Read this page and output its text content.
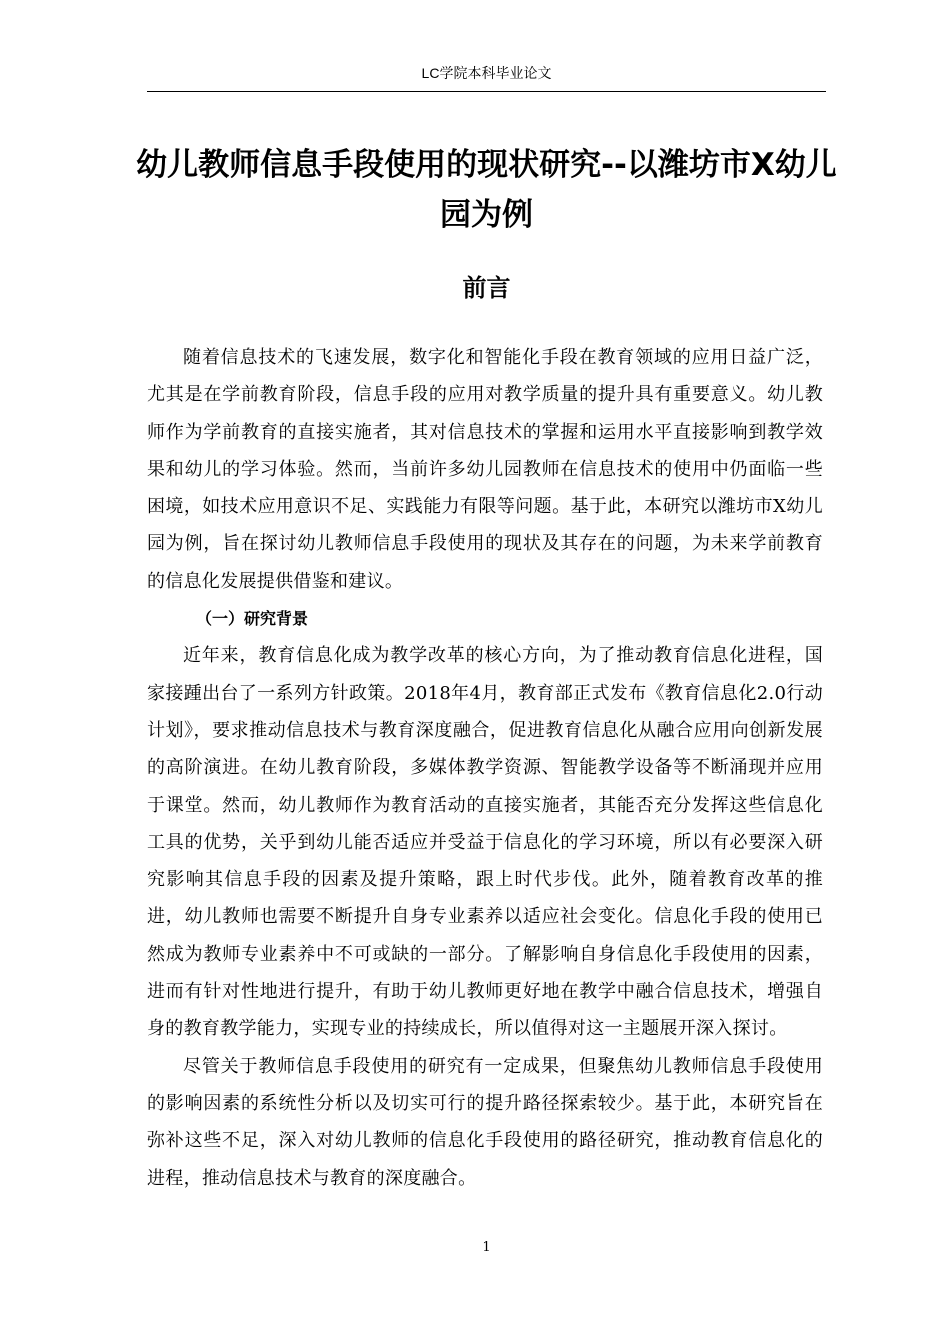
LC学院本科毕业论文
幼儿教师信息手段使用的现状研究--以潍坊市X幼儿园为例
前言

随着信息技术的飞速发展，数字化和智能化手段在教育领域的应用日益广泛，尤其是在学前教育阶段，信息手段的应用对教学质量的提升具有重要意义。幼儿教师作为学前教育的直接实施者，其对信息技术的掌握和运用水平直接影响到教学效果和幼儿的学习体验。然而，当前许多幼儿园教师在信息技术的使用中仍面临一些困境，如技术应用意识不足、实践能力有限等问题。基于此，本研究以潍坊市X幼儿园为例，旨在探讨幼儿教师信息手段使用的现状及其存在的问题，为未来学前教育的信息化发展提供借鉴和建议。

（一）研究背景

近年来，教育信息化成为教学改革的核心方向，为了推动教育信息化进程，国家接踵出台了一系列方针政策。2018年4月，教育部正式发布《教育信息化2.0行动计划》，要求推动信息技术与教育深度融合，促进教育信息化从融合应用向创新发展的高阶演进。在幼儿教育阶段，多媒体教学资源、智能教学设备等不断涌现并应用于课堂。然而，幼儿教师作为教育活动的直接实施者，其能否充分发挥这些信息化工具的优势，关乎到幼儿能否适应并受益于信息化的学习环境，所以有必要深入研究影响其信息手段的因素及提升策略，跟上时代步伐。此外，随着教育改革的推进，幼儿教师也需要不断提升自身专业素养以适应社会变化。信息化手段的使用已然成为教师专业素养中不可或缺的一部分。了解影响自身信息化手段使用的因素，进而有针对性地进行提升，有助于幼儿教师更好地在教学中融合信息技术，增强自身的教育教学能力，实现专业的持续成长，所以值得对这一主题展开深入探讨。

尽管关于教师信息手段使用的研究有一定成果，但聚焦幼儿教师信息手段使用的影响因素的系统性分析以及切实可行的提升路径探索较少。基于此，本研究旨在弥补这些不足，深入对幼儿教师的信息化手段使用的路径研究，推动教育信息化的进程，推动信息技术与教育的深度融合。

1
